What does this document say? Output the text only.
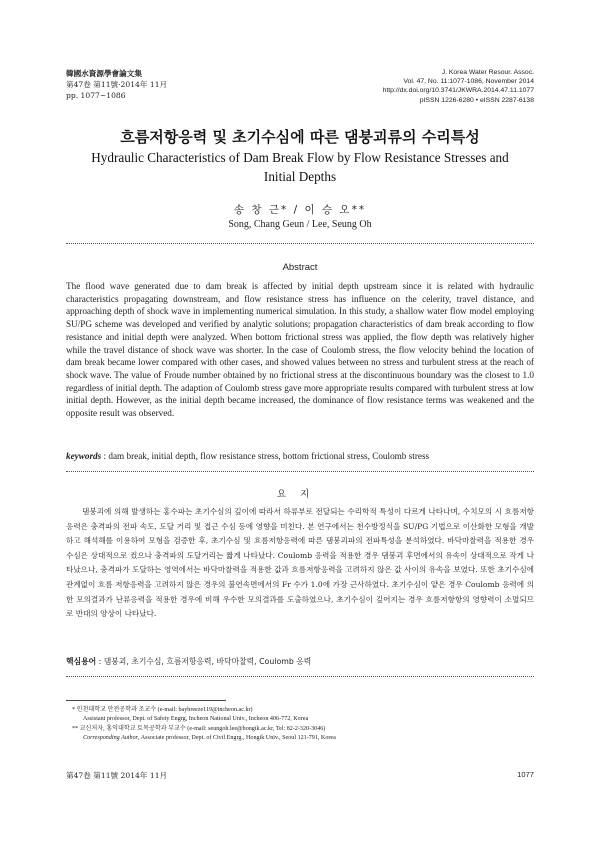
韓國水資源學會論文集
第47卷 第11號·2014年 11月
pp. 1077~1086
J. Korea Water Resour. Assoc.
Vol. 47, No. 11:1077-1086, November 2014
http://dx.doi.org/10.3741/JKWRA.2014.47.11.1077
pISSN 1226-6280 • eISSN 2287-6138
흐름저항응력 및 초기수심에 따른 댐붕괴류의 수리특성
Hydraulic Characteristics of Dam Break Flow by Flow Resistance Stresses and
Initial Depths
송 창 근* / 이 승 오**
Song, Chang Geun / Lee, Seung Oh
Abstract

The flood wave generated due to dam break is affected by initial depth upstream since it is related with hydraulic characteristics propagating downstream, and flow resistance stress has influence on the celerity, travel distance, and approaching depth of shock wave in implementing numerical simulation. In this study, a shallow water flow model employing SU/PG scheme was developed and verified by analytic solutions; propagation characteristics of dam break according to flow resistance and initial depth were analyzed. When bottom frictional stress was applied, the flow depth was relatively higher while the travel distance of shock wave was shorter. In the case of Coulomb stress, the flow velocity behind the location of dam break became lower compared with other cases, and showed values between no stress and turbulent stress at the reach of shock wave. The value of Froude number obtained by no frictional stress at the discontinuous boundary was the closest to 1.0 regardless of initial depth. The adaption of Coulomb stress gave more appropriate results compared with turbulent stress at low initial depth. However, as the initial depth became increased, the dominance of flow resistance terms was weakened and the opposite result was observed.

keywords : dam break, initial depth, flow resistance stress, bottom frictional stress, Coulomb stress

요지

댐붕괴에 의해 발생하는 홍수파는 초기수심의 깊이에 따라서 하류부로 전달되는 수리학적 특성이 다르게 나타나며, 수치모의 시 흐름저항응력은 충격파의 전파 속도, 도달 거리 및 접근 수심 등에 영향을 미친다. 본 연구에서는 천수방정식을 SU/PG 기법으로 이산화한 모형을 개발하고 해석해를 이용하여 모형을 검증한 후, 초기수심 및 흐름저항응력에 따른 댐붕괴파의 전파특성을 분석하였다. 바닥마찰력을 적용한 경우 수심은 상대적으로 컸으나 충격파의 도달거리는 짧게 나타났다. Coulomb 응력을 적용한 경우 댐붕괴 후면에서의 유속이 상대적으로 작게 나타났으나, 충격파가 도달하는 영역에서는 바닥마찰력을 적용한 값과 흐름저항응력을 고려하지 않은 값 사이의 유속을 보였다. 또한 초기수심에 관계없이 흐름 저항응력을 고려하지 않은 경우의 불연속면에서의 Fr 수가 1.0에 가장 근사하였다. 초기수심이 얕은 경우 Coulomb 응력에 의한 모의결과가 난류응력을 적용한 경우에 비해 우수한 모의결과를 도출하였으나, 초기수심이 깊어지는 경우 흐름저항항의 영향력이 소멸되므로 반대의 양상이 나타났다.

핵심용어 : 댐붕괴, 초기수심, 흐름저항응력, 바닥마찰력, Coulomb 응력

* 인천대학교 안전공학과 조교수 (e-mail: baybreeze119@incheon.ac.kr)
Assistant professor, Dept. of Safety Engrg, Incheon National Univ., Incheon 406-772, Korea
** 교신저자, 홍익대학교 토목공학과 부교수 (e-mail: seungoh.lee@hongik.ac.kr, Tel: 82-2-320-3046)
Corresponding Author, Associate professor, Dept. of Civil Engrg., Hongik Univ., Seoul 121-791, Korea
第47卷 第11號 2014年 11月	1077
